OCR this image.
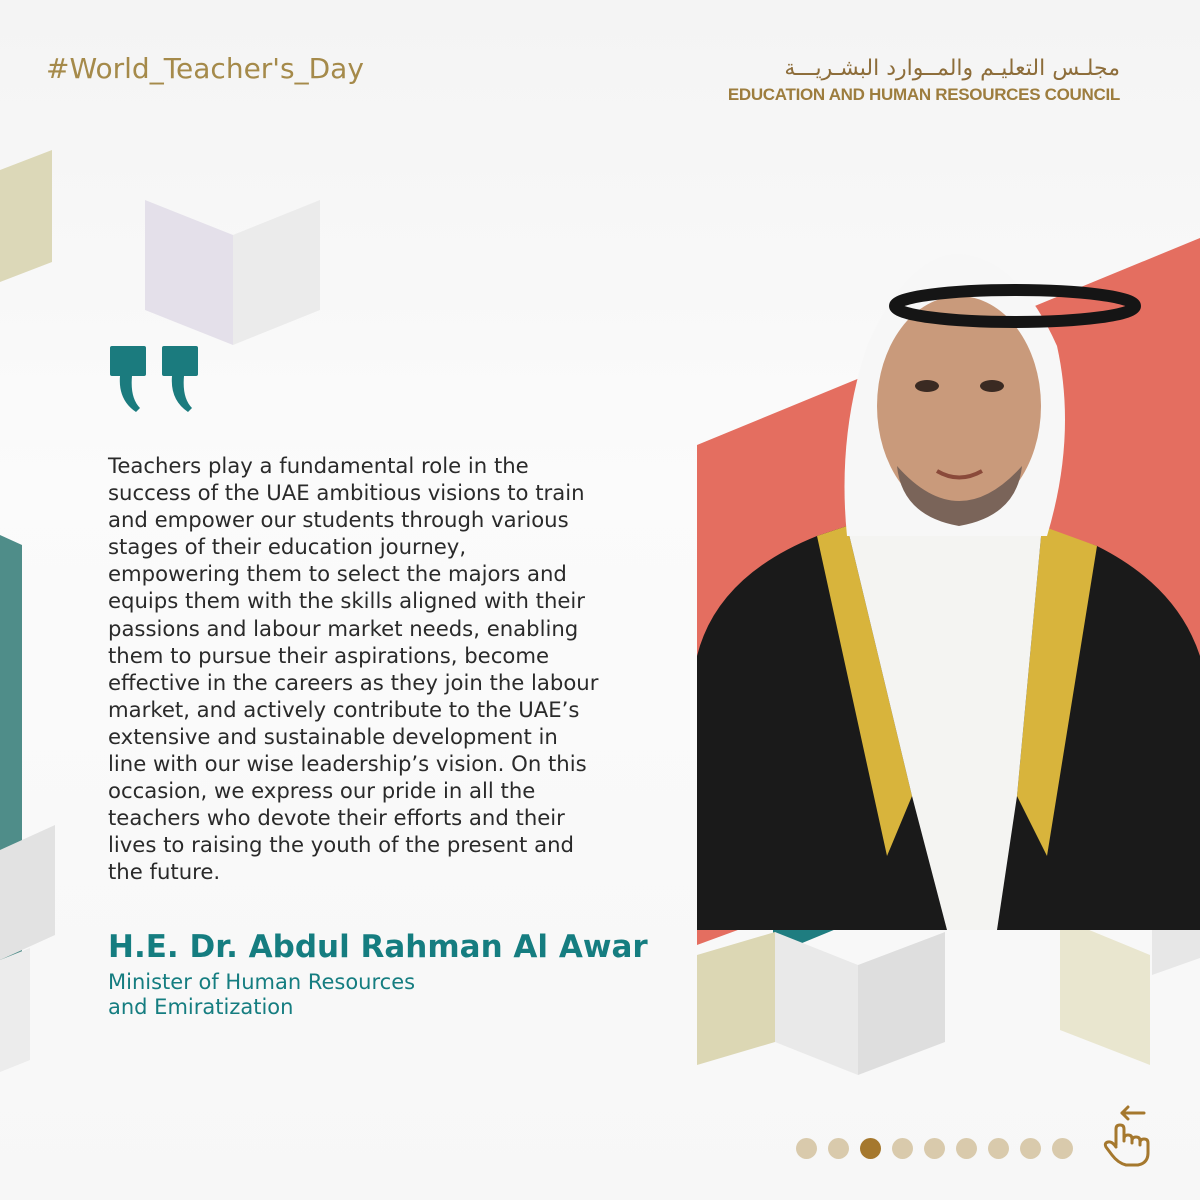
#World_Teacher's_Day	مجلـس التعليـم والمــوارد البشـريـــة
EDUCATION AND HUMAN RESOURCES COUNCIL

Teachers play a fundamental role in the

success of the UAE ambitious visions to train

and empower our students through various

stages of their education journey,

empowering them to select the majors and

equips them with the skills aligned with their

passions and labour market needs, enabling

them to pursue their aspirations, become

effective in the careers as they join the labour

market, and actively contribute to the UAE’s

extensive and sustainable development in

line with our wise leadership’s vision. On this

occasion, we express our pride in all the

teachers who devote their efforts and their

lives to raising the youth of the present and

the future.

H.E. Dr. Abdul Rahman Al Awar
Minister of Human Resources
and Emiratization
